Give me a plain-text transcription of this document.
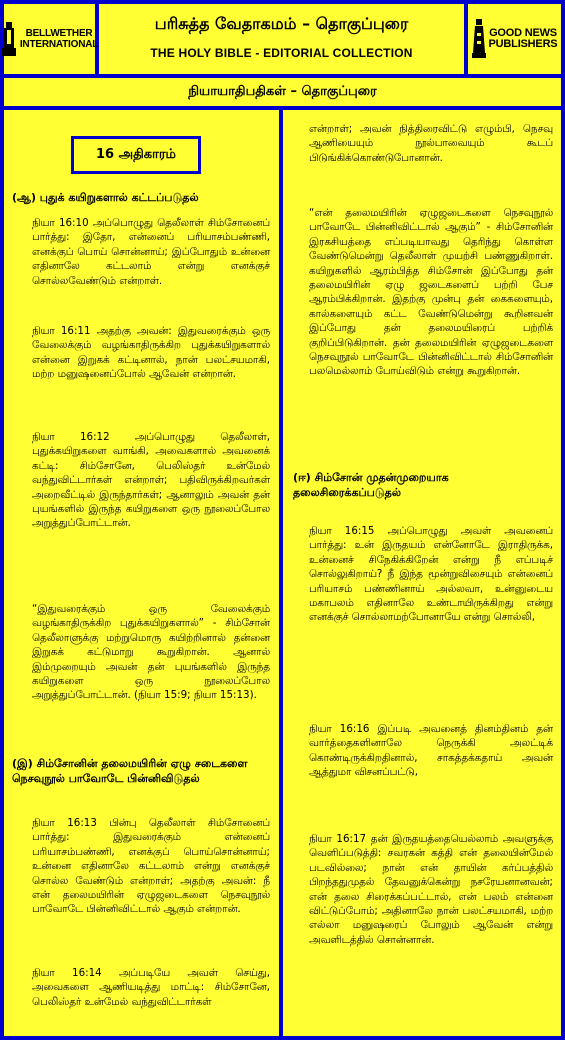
BELLWETHER
INTERNATIONAL
பரிசுத்த வேதாகமம் – தொகுப்புரை
THE HOLY BIBLE - EDITORIAL COLLECTION
GOOD NEWS
PUBLISHERS
நியாயாதிபதிகள் – தொகுப்புரை
16 அதிகாரம்
(ஆ) புதுக் கயிறுகளால் கட்டப்படுதல்
நியா 16:10 அப்பொழுது தெலீலாள் சிம்சோனைப் பார்த்து: இதோ, என்னைப் பரியாசம்பண்ணி, எனக்குப் பொய் சொன்னாய்; இப்போதும் உன்னை எதினாலே கட்டலாம் என்று எனக்குச் சொல்லவேண்டும் என்றாள்.
நியா 16:11 அதற்கு அவன்: இதுவரைக்கும் ஒரு வேலைக்கும் வழங்காதிருக்கிற புதுக்கயிறுகளால் என்னை இறுகக் கட்டினால், நான் பலட்சயமாகி, மற்ற மனுஷனைப்போல் ஆவேன் என்றான்.
நியா 16:12 அப்பொழுது தெலீலாள், புதுக்கயிறுகளை வாங்கி, அவைகளால் அவனைக் கட்டி: சிம்சோனே, பெலிஸ்தர் உன்மேல் வந்துவிட்டார்கள் என்றாள்; பதிவிருக்கிறவர்கள் அறைவீட்டில் இருந்தார்கள்; ஆனாலும் அவன் தன் புயங்களில் இருந்த கயிறுகளை ஒரு நூலைப்போல அறுத்துப்போட்டான்.
“இதுவரைக்கும் ஒரு வேலைக்கும் வழங்காதிருக்கிற புதுக்கயிறுகளால்” - சிம்சோன் தெலீலாளுக்கு மற்றுமொரு கயிற்றினால் தன்னை இறுகக் கட்டுமாறு கூறுகிறான். ஆனால் இம்முறையும் அவன் தன் புயங்களில் இருந்த கயிறுகளை ஒரு நூலைப்போல அறுத்துப்போட்டான். (நியா 15:9; நியா 15:13).
(இ) சிம்சோனின் தலைமயிரின் ஏழு சடைகளை நெசவுநூல் பாவோடே பின்னிவிடுதல்
நியா 16:13 பின்பு தெலீலாள் சிம்சோனைப் பார்த்து: இதுவரைக்கும் என்னைப் பரியாசம்பண்ணி, எனக்குப் பொய்சொன்னாய்; உன்னை எதினாலே கட்டலாம் என்று எனக்குச் சொல்ல வேண்டும் என்றாள்; அதற்கு அவன்: நீ என் தலைமயிரின் ஏழுஜடைகளை நெசவுநூல் பாவோடே பின்னிவிட்டால் ஆகும் என்றான்.
நியா 16:14 அப்படியே அவள் செய்து, அவைகளை ஆணியடித்து மாட்டி: சிம்சோனே, பெலிஸ்தர் உன்மேல் வந்துவிட்டார்கள்
என்றாள்; அவன் நித்திரைவிட்டு எழும்பி, நெசவு ஆணியையும் நூல்பாவையும் கூடப் பிடுங்கிக்கொண்டுபோனான்.
“என் தலைமயிரின் ஏழுஜடைகளை நெசவுநூல் பாவோடே பின்னிவிட்டால் ஆகும்” - சிம்சோனின் இரகசியத்தை எப்படியாவது தெரிந்து கொள்ள வேண்டுமென்று தெலீலாள் முயற்சி பண்ணுகிறாள். கயிறுகளில் ஆரம்பித்த சிம்சோன் இப்போது தன் தலைமயிரின் ஏழு ஜடைகளைப் பற்றி பேச ஆரம்பிக்கிறான். இதற்கு முன்பு தன் கைகளையும், கால்களையும் கட்ட வேண்டுமென்று கூறினவன் இப்போது தன் தலைமயிரைப் பற்றிக் குறிப்பிடுகிறான். தன் தலைமயிரின் ஏழுஜடைகளை நெசவுநூல் பாவோடே பின்னிவிட்டால் சிம்சோனின் பலமெல்லாம் போய்விடும் என்று கூறுகிறான்.
(ஈ) சிம்சோன் முதன்முறையாக தலைசிரைக்கப்படுதல்
நியா 16:15 அப்பொழுது அவள் அவனைப் பார்த்து: உன் இருதயம் என்னோடே இராதிருக்க, உன்னைச் சிநேகிக்கிறேன் என்று நீ எப்படிச் சொல்லுகிறாய்? நீ இந்த மூன்றுவிசையும் என்னைப் பரியாசம் பண்ணினாய் அல்லவா, உன்னுடைய மகாபலம் எதினாலே உண்டாயிருக்கிறது என்று எனக்குச் சொல்லாமற்போனாயே என்று சொல்லி,
நியா 16:16 இப்படி அவனைத் தினம்தினம் தன் வார்த்தைகளினாலே நெருக்கி அலட்டிக் கொண்டிருக்கிறதினால், சாகத்தக்கதாய் அவன் ஆத்துமா விசனப்பட்டு,
நியா 16:17 தன் இருதயத்தையெல்லாம் அவளுக்கு வெளிப்படுத்தி: சவரகன் கத்தி என் தலையின்மேல் படவில்லை; நான் என் தாயின் கர்ப்பத்தில் பிறந்ததுமுதல் தேவனுக்கென்று நசரேயனானவன்; என் தலை சிரைக்கப்பட்டால், என் பலம் என்னை விட்டுப்போம்; அதினாலே நான் பலட்சயமாகி, மற்ற எல்லா மனுஷரைப் போலும் ஆவேன் என்று அவளிடத்தில் சொன்னான்.
